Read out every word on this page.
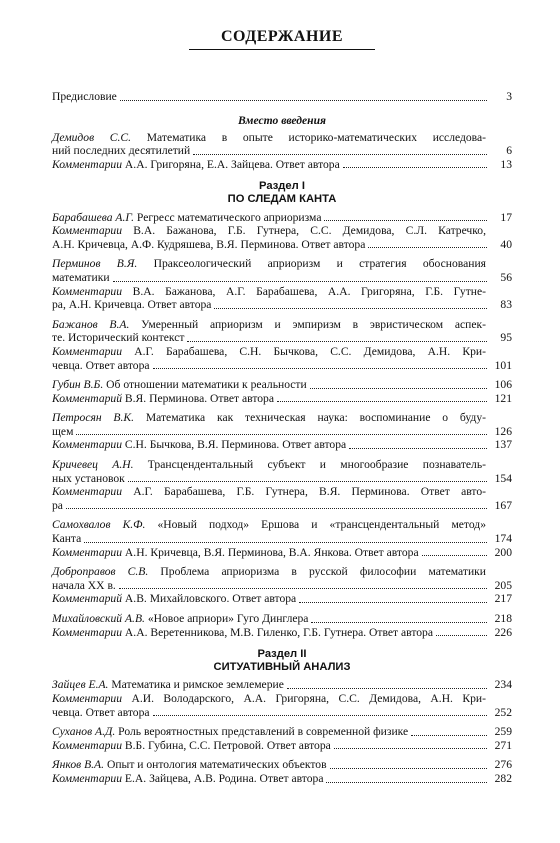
СОДЕРЖАНИЕ
Предисловие	3
Вместо введения
Демидов С.С. Математика в опыте историко-математических исследова-
ний последних десятилетий	6
Комментарии А.А. Григоряна, Е.А. Зайцева. Ответ автора	13
Раздел I
ПО СЛЕДАМ КАНТА
Барабашева А.Г. Регресс математического априоризма	17
Комментарии В.А. Бажанова, Г.Б. Гутнера, С.С. Демидова, С.Л. Катречко,
А.Н. Кричевца, А.Ф. Кудряшева, В.Я. Перминова. Ответ автора	40
Перминов В.Я. Праксеологический априоризм и стратегия обоснования
математики	56
Комментарии В.А. Бажанова, А.Г. Барабашева, А.А. Григоряна, Г.Б. Гутне-
ра, А.Н. Кричевца. Ответ автора	83
Бажанов В.А. Умеренный априоризм и эмпиризм в эвристическом аспек-
те. Исторический контекст	95
Комментарии А.Г. Барабашева, С.Н. Бычкова, С.С. Демидова, А.Н. Кри-
чевца. Ответ автора	101
Губин В.Б. Об отношении математики к реальности	106
Комментарий В.Я. Перминова. Ответ автора	121
Петросян В.К. Математика как техническая наука: воспоминание о буду-
щем	126
Комментарии С.Н. Бычкова, В.Я. Перминова. Ответ автора	137
Кричевец А.Н. Трансцендентальный субъект и многообразие познаватель-
ных установок	154
Комментарии А.Г. Барабашева, Г.Б. Гутнера, В.Я. Перминова. Ответ авто-
ра	167
Самохвалов К.Ф. «Новый подход» Ершова и «трансцендентальный метод»
Канта	174
Комментарии А.Н. Кричевца, В.Я. Перминова, В.А. Янкова. Ответ автора	200
Доброправов С.В. Проблема априоризма в русской философии математики
начала XX в.	205
Комментарий А.В. Михайловского. Ответ автора	217
Михайловский А.В. «Новое априори» Гуго Динглера	218
Комментарии А.А. Веретенникова, М.В. Гиленко, Г.Б. Гутнера. Ответ автора	226
Раздел II
СИТУАТИВНЫЙ АНАЛИЗ
Зайцев Е.А. Математика и римское землемерие	234
Комментарии А.И. Володарского, А.А. Григоряна, С.С. Демидова, А.Н. Кри-
чевца. Ответ автора	252
Суханов А.Д. Роль вероятностных представлений в современной физике	259
Комментарии В.Б. Губина, С.С. Петровой. Ответ автора	271
Янков В.А. Опыт и онтология математических объектов	276
Комментарии Е.А. Зайцева, А.В. Родина. Ответ автора	282
